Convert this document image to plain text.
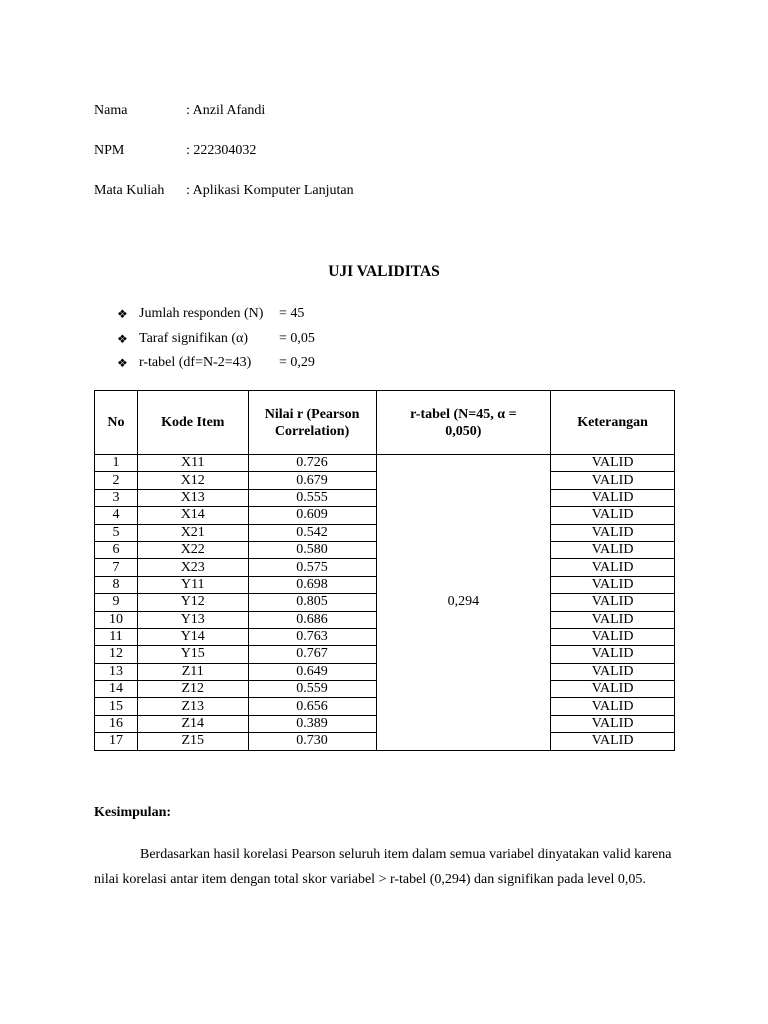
Nama	: Anzil Afandi
NPM	: 222304032
Mata Kuliah : Aplikasi Komputer Lanjutan
UJI VALIDITAS
❖ Jumlah responden (N)	= 45
❖ Taraf signifikan (α)	= 0,05
❖ r-tabel (df=N-2=43)	= 0,29
No	Kode Item	Nilai r (Pearson Correlation)	r-tabel (N=45, α = 0,050)	Keterangan
1	X11	0.726	0,294	VALID
2	X12	0.679		VALID
3	X13	0.555		VALID
4	X14	0.609		VALID
5	X21	0.542		VALID
6	X22	0.580		VALID
7	X23	0.575		VALID
8	Y11	0.698		VALID
9	Y12	0.805		VALID
10	Y13	0.686		VALID
11	Y14	0.763		VALID
12	Y15	0.767		VALID
13	Z11	0.649		VALID
14	Z12	0.559		VALID
15	Z13	0.656		VALID
16	Z14	0.389		VALID
17	Z15	0.730		VALID
Kesimpulan:

Berdasarkan hasil korelasi Pearson seluruh item dalam semua variabel dinyatakan valid karena nilai korelasi antar item dengan total skor variabel > r-tabel (0,294) dan signifikan pada level 0,05.
